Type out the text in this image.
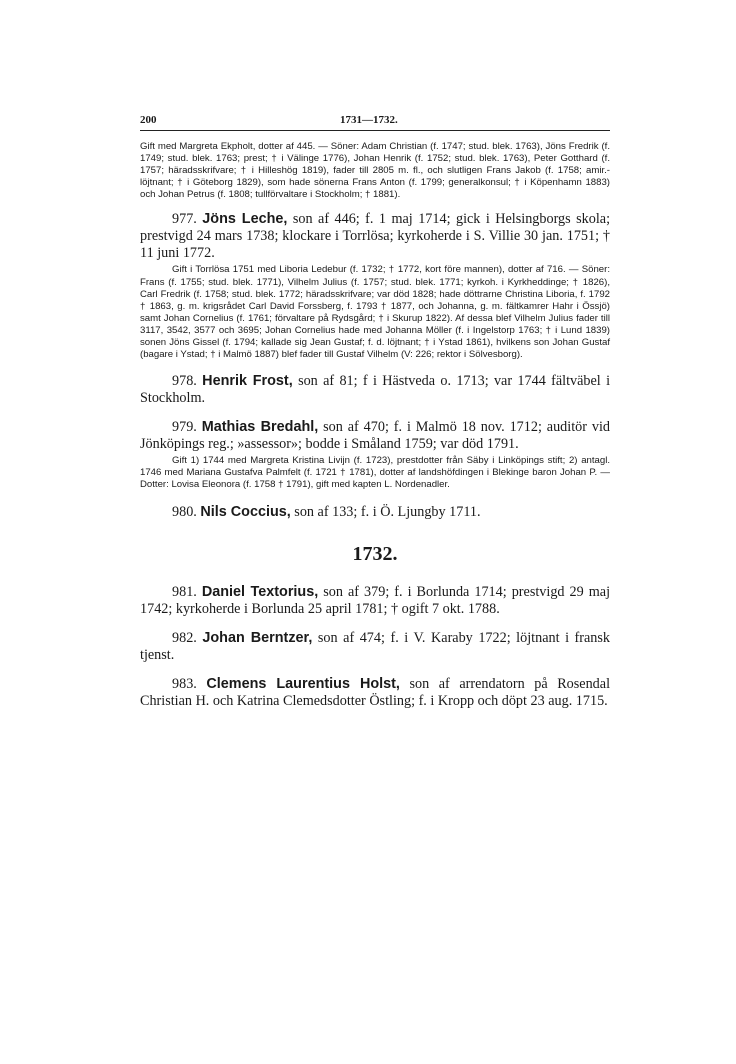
200	1731—1732.

Gift med Margreta Ekpholt, dotter af 445. — Söner: Adam Christian (f. 1747; stud. blek. 1763), Jöns Fredrik (f. 1749; stud. blek. 1763; prest; † i Välinge 1776), Johan Henrik (f. 1752; stud. blek. 1763), Peter Gotthard (f. 1757; häradsskrifvare; † i Hilleshög 1819), fader till 2805 m. fl., och slutligen Frans Jakob (f. 1758; amir.-löjtnant; † i Göteborg 1829), som hade sönerna Frans Anton (f. 1799; generalkonsul; † i Köpenhamn 1883) och Johan Petrus (f. 1808; tullförvaltare i Stockholm; † 1881).

977. Jöns Leche, son af 446; f. 1 maj 1714; gick i Helsingborgs skola; prestvigd 24 mars 1738; klockare i Torrlösa; kyrkoherde i S. Villie 30 jan. 1751; † 11 juni 1772.

Gift i Torrlösa 1751 med Liboria Ledebur (f. 1732; † 1772, kort före mannen), dotter af 716. — Söner: Frans (f. 1755; stud. blek. 1771), Vilhelm Julius (f. 1757; stud. blek. 1771; kyrkoh. i Kyrkheddinge; † 1826), Carl Fredrik (f. 1758; stud. blek. 1772; häradsskrifvare; var död 1828; hade döttrarne Christina Liboria, f. 1792 † 1863, g. m. krigsrådet Carl David Forssberg, f. 1793 † 1877, och Johanna, g. m. fältkamrer Hahr i Össjö) samt Johan Cornelius (f. 1761; förvaltare på Rydsgård; † i Skurup 1822). Af dessa blef Vilhelm Julius fader till 3117, 3542, 3577 och 3695; Johan Cornelius hade med Johanna Möller (f. i Ingelstorp 1763; † i Lund 1839) sonen Jöns Gissel (f. 1794; kallade sig Jean Gustaf; f. d. löjtnant; † i Ystad 1861), hvilkens son Johan Gustaf (bagare i Ystad; † i Malmö 1887) blef fader till Gustaf Vilhelm (V: 226; rektor i Sölvesborg).

978. Henrik Frost, son af 81; f i Hästveda o. 1713; var 1744 fältväbel i Stockholm.

979. Mathias Bredahl, son af 470; f. i Malmö 18 nov. 1712; auditör vid Jönköpings reg.; »assessor»; bodde i Småland 1759; var död 1791.

Gift 1) 1744 med Margreta Kristina Livijn (f. 1723), prestdotter från Säby i Linköpings stift; 2) antagl. 1746 med Mariana Gustafva Palmfelt (f. 1721 † 1781), dotter af landshöfdingen i Blekinge baron Johan P. — Dotter: Lovisa Eleonora (f. 1758 † 1791), gift med kapten L. Nordenadler.

980. Nils Coccius, son af 133; f. i Ö. Ljungby 1711.

1732.

981. Daniel Textorius, son af 379; f. i Borlunda 1714; prestvigd 29 maj 1742; kyrkoherde i Borlunda 25 april 1781; † ogift 7 okt. 1788.

982. Johan Berntzer, son af 474; f. i V. Karaby 1722; löjtnant i fransk tjenst.

983. Clemens Laurentius Holst, son af arrendatorn på Rosendal Christian H. och Katrina Clemedsdotter Östling; f. i Kropp och döpt 23 aug. 1715.
